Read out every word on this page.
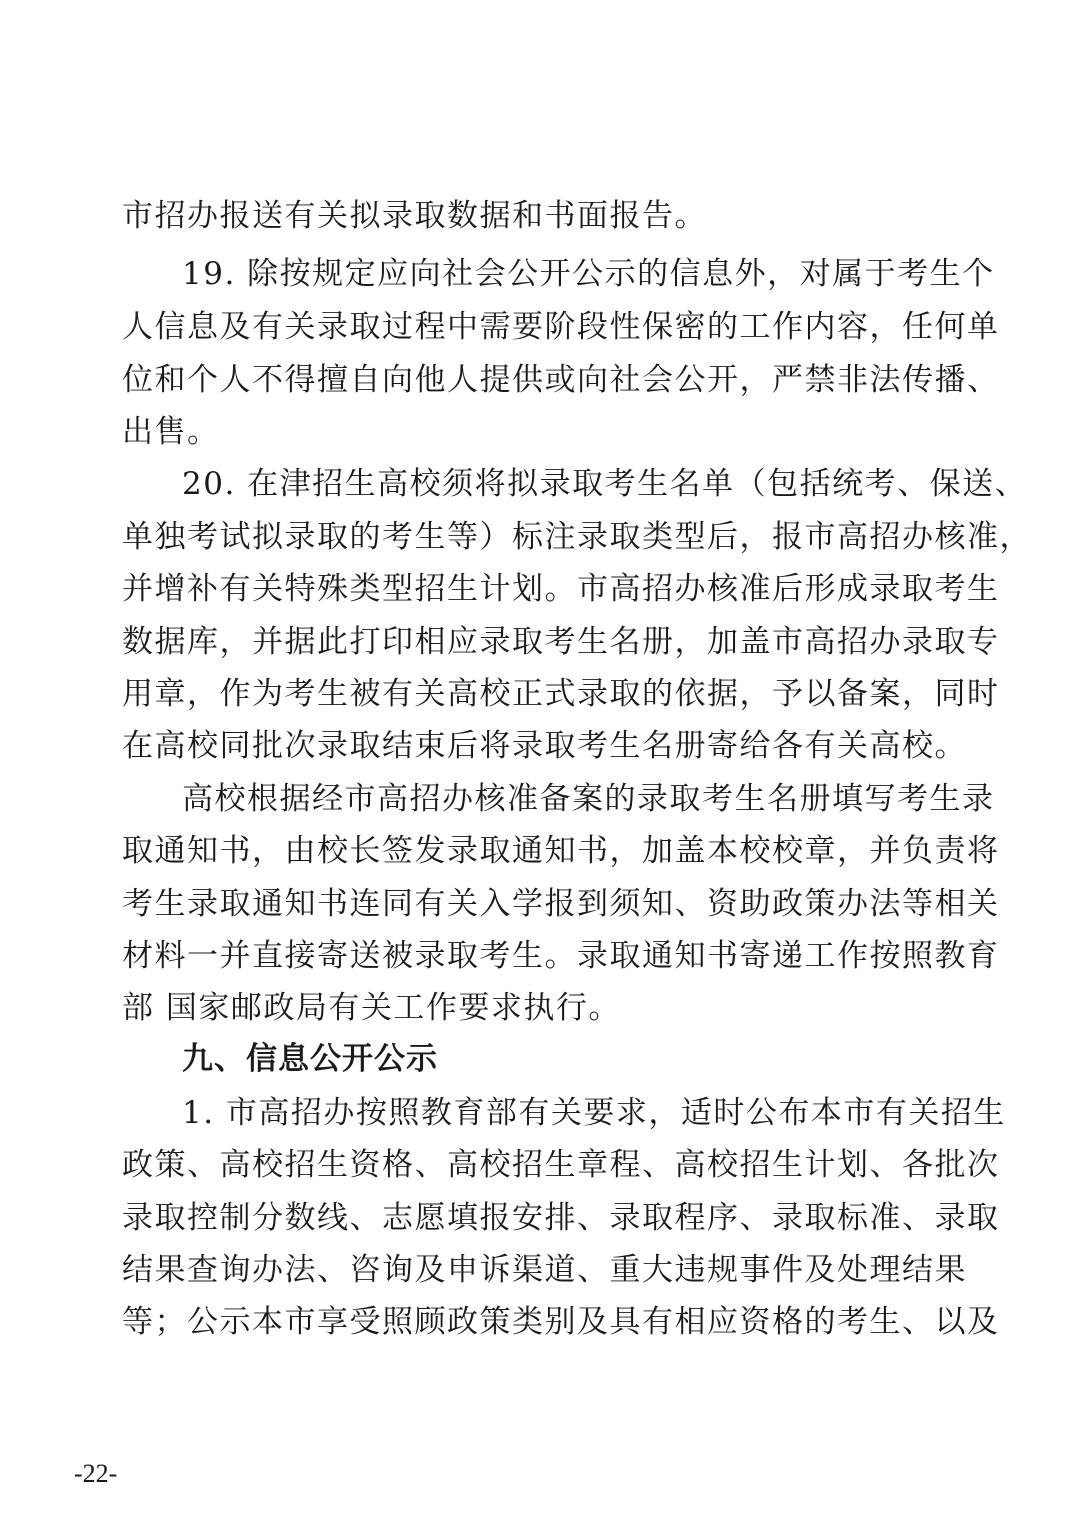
市招办报送有关拟录取数据和书面报告。
19. 除按规定应向社会公开公示的信息外，对属于考生个
人信息及有关录取过程中需要阶段性保密的工作内容，任何单
位和个人不得擅自向他人提供或向社会公开，严禁非法传播、
出售。
20. 在津招生高校须将拟录取考生名单（包括统考、保送、
单独考试拟录取的考生等）标注录取类型后，报市高招办核准，
并增补有关特殊类型招生计划。市高招办核准后形成录取考生
数据库，并据此打印相应录取考生名册，加盖市高招办录取专
用章，作为考生被有关高校正式录取的依据，予以备案，同时
在高校同批次录取结束后将录取考生名册寄给各有关高校。
高校根据经市高招办核准备案的录取考生名册填写考生录
取通知书，由校长签发录取通知书，加盖本校校章，并负责将
考生录取通知书连同有关入学报到须知、资助政策办法等相关
材料一并直接寄送被录取考生。录取通知书寄递工作按照教育
部 国家邮政局有关工作要求执行。
九、信息公开公示
1. 市高招办按照教育部有关要求，适时公布本市有关招生
政策、高校招生资格、高校招生章程、高校招生计划、各批次
录取控制分数线、志愿填报安排、录取程序、录取标准、录取
结果查询办法、咨询及申诉渠道、重大违规事件及处理结果
等；公示本市享受照顾政策类别及具有相应资格的考生、以及
-22-
